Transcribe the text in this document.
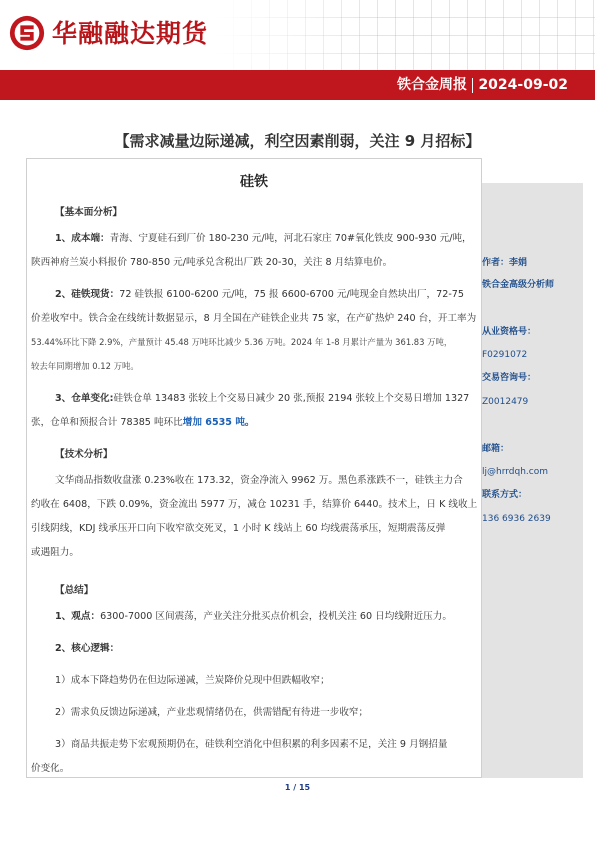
华融融达期货
铁合金周报 2024-09-02
【需求减量边际递减，利空因素削弱，关注 9 月招标】
硅铁
【基本面分析】
1、成本端：青海、宁夏硅石到厂价 180-230 元/吨，河北石家庄 70#氧化铁皮 900-930 元/吨，
陕西神府兰炭小料报价 780-850 元/吨承兑含税出厂跌 20-30，关注 8 月结算电价。
2、硅铁现货：72 硅铁报 6100-6200 元/吨，75 报 6600-6700 元/吨现金自然块出厂，72-75
价差收窄中。铁合金在线统计数据显示，8 月全国在产硅铁企业共 75 家，在产矿热炉 240 台，开工率为
53.44%环比下降 2.9%，产量预计 45.48 万吨环比减少 5.36 万吨。2024 年 1-8 月累计产量为 361.83 万吨，
较去年同期增加 0.12 万吨。
3、仓单变化:硅铁仓单 13483 张较上个交易日减少 20 张,预报 2194 张较上个交易日增加 1327
张，仓单和预报合计 78385 吨环比增加 6535 吨。
【技术分析】
文华商品指数收盘涨 0.23%收在 173.32，资金净流入 9962 万。黑色系涨跌不一，硅铁主力合
约收在 6408，下跌 0.09%，资金流出 5977 万，减仓 10231 手，结算价 6440。技术上，日 K 线收上
引线阴线，KDJ 线承压开口向下收窄欲交死叉，1 小时 K 线站上 60 均线震荡承压，短期震荡反弹
或遇阻力。
【总结】
1、观点：6300-7000 区间震荡，产业关注分批买点价机会，投机关注 60 日均线附近压力。
2、核心逻辑：
1）成本下降趋势仍在但边际递减，兰炭降价兑现中但跌幅收窄；
2）需求负反馈边际递减，产业悲观情绪仍在，供需错配有待进一步收窄；
3）商品共振走势下宏观预期仍在，硅铁利空消化中但积累的利多因素不足，关注 9 月钢招量
价变化。
作者：李娟
铁合金高级分析师
从业资格号：
F0291072
交易咨询号：
Z0012479
邮箱：
lj@hrrdqh.com
联系方式：
136 6936 2639
1 / 15
